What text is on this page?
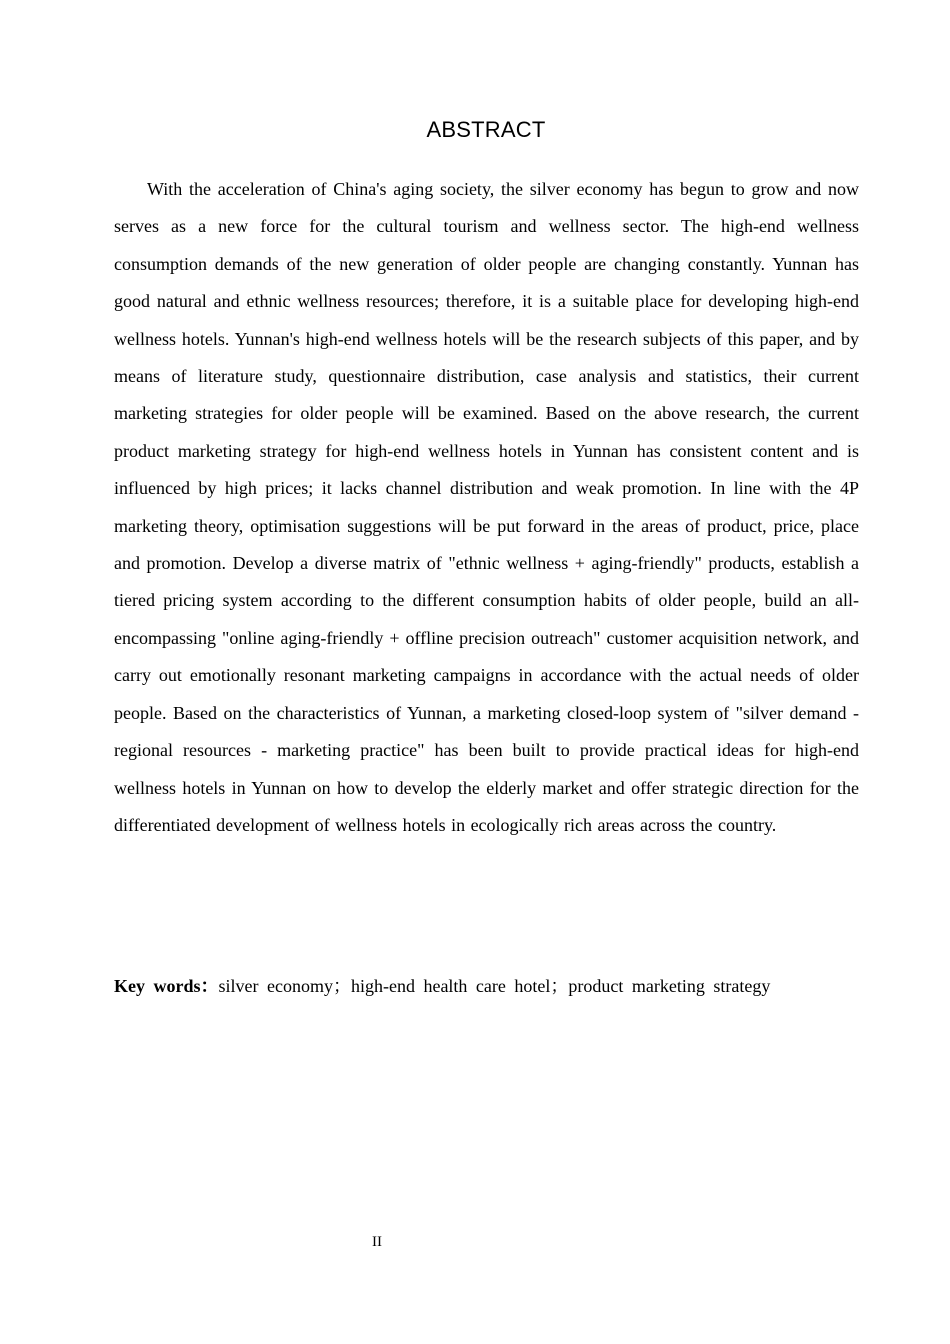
ABSTRACT

With the acceleration of China's aging society, the silver economy has begun to grow and now serves as a new force for the cultural tourism and wellness sector. The high-end wellness consumption demands of the new generation of older people are changing constantly. Yunnan has good natural and ethnic wellness resources; therefore, it is a suitable place for developing high-end wellness hotels. Yunnan's high-end wellness hotels will be the research subjects of this paper, and by means of literature study, questionnaire distribution, case analysis and statistics, their current marketing strategies for older people will be examined. Based on the above research, the current product marketing strategy for high-end wellness hotels in Yunnan has consistent content and is influenced by high prices; it lacks channel distribution and weak promotion. In line with the 4P marketing theory, optimisation suggestions will be put forward in the areas of product, price, place and promotion. Develop a diverse matrix of "ethnic wellness + aging-friendly" products, establish a tiered pricing system according to the different consumption habits of older people, build an all-encompassing "online aging-friendly + offline precision outreach" customer acquisition network, and carry out emotionally resonant marketing campaigns in accordance with the actual needs of older people. Based on the characteristics of Yunnan, a marketing closed-loop system of "silver demand - regional resources - marketing practice" has been built to provide practical ideas for high-end wellness hotels in Yunnan on how to develop the elderly market and offer strategic direction for the differentiated development of wellness hotels in ecologically rich areas across the country.

Key words：silver economy；high-end health care hotel；product marketing strategy

II
